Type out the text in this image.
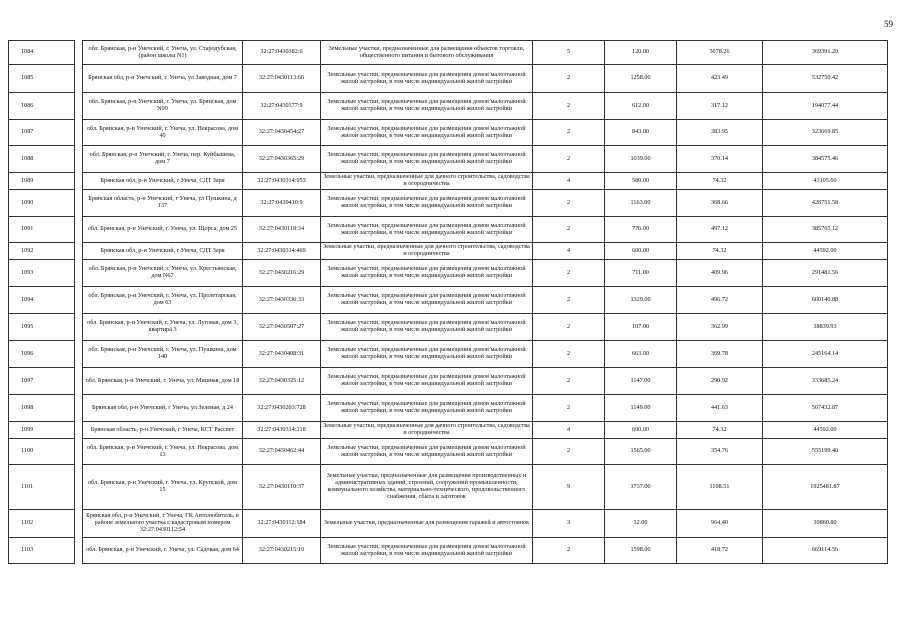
59
1084		обл. Брянская, р-н Унечский, г. Унеча, ул. Стародубская, (район школы N1)	32:27:0430382:6	Земельные участки, предназначенные для размещения объектов торговли, общественного питания и бытового обслуживания	5	120.00	3078.26	369391.20
1085		Брянская обл, р-н Унечский, г. Унеча, ул Заводная, дом 7	32:27:0430113:66	Земельные участки, предназначенные для размещения домов малоэтажной жилой застройки, в том числе индивидуальной жилой застройки	2	1258.00	423.49	532750.42
1086		обл. Брянская, р-н Унечский, г. Унеча, ул. Брянская, дом N99	32:27:0430377:9	Земельные участки, предназначенные для размещения домов малоэтажной жилой застройки, в том числе индивидуальной жилой застройки	2	612.00	317.12	194077.44
1087		обл. Брянская, р-н Унечский, г. Унеча, ул. Некрасова, дом 40	32:27:0430454:27	Земельные участки, предназначенные для размещения домов малоэтажной жилой застройки, в том числе индивидуальной жилой застройки	2	843.00	383.95	323669.85
1088		обл. Брянская, р-н Унечский, г. Унеча, пер. Куйбышева, дом 7	32:27:0430365:29	Земельные участки, предназначенные для размещения домов малоэтажной жилой застройки, в том числе индивидуальной жилой застройки	2	1039.00	370.14	384575.46
1089		Брянская обл, р-н Унечский, г Унеча, СДТ Заря	32:27:0430314:953	Земельные участки, предназначенные для дачного строительства, садоводства и огородничества	4	580.00	74.32	43105.60
1090		Брянская область, р-н Унечский, г Унеча, ул Пушкина, д 137	32:27:0430410:9	Земельные участки, предназначенные для размещения домов малоэтажной жилой застройки, в том числе индивидуальной жилой застройки	2	1163.00	368.66	428751.58
1091		обл. Брянская, р-н Унечский, г. Унеча, ул. Щорса, дом 25	32:27:0430118:34	Земельные участки, предназначенные для размещения домов малоэтажной жилой застройки, в том числе индивидуальной жилой застройки	2	776.00	497.12	385765.12
1092		Брянская обл, р-н Унечский, г Унеча, СДТ Заря	32:27:0430314:469	Земельные участки, предназначенные для дачного строительства, садоводства и огородничества	4	600.00	74.32	44592.00
1093		обл. Брянская, р-н Унечский, г. Унеча, ул. Крестьянская, дом N67	32:27:0430216:29	Земельные участки, предназначенные для размещения домов малоэтажной жилой застройки, в том числе индивидуальной жилой застройки	2	711.00	409.96	291481.56
1094		обл. Брянская, р-н Унечский, г. Унеча, ул. Пролетарская, дом 63	32:27:0430336:33	Земельные участки, предназначенные для размещения домов малоэтажной жилой застройки, в том числе индивидуальной жилой застройки	2	1329.00	496.72	660140.88
1095		обл. Брянская, р-н Унечский, г. Унеча, ул. Луговая, дом 3, квартира 3	32:27:0430507:27	Земельные участки, предназначенные для размещения домов малоэтажной жилой застройки, в том числе индивидуальной жилой застройки	2	107.00	362.99	38839.93
1096		обл. Брянская, р-н Унечский, г. Унеча, ул. Пушкина, дом 140	32:27:0430408:31	Земельные участки, предназначенные для размещения домов малоэтажной жилой застройки, в том числе индивидуальной жилой застройки	2	663.00	369.78	245164.14
1097		обл. Брянская, р-н Унечский, г. Унеча, ул. Мишная, дом 18	32:27:0430325:12	Земельные участки, предназначенные для размещения домов малоэтажной жилой застройки, в том числе индивидуальной жилой застройки	2	1147.00	290.92	333685.24
1098		Брянская обл, р-н Унечский, г Унеча, ул Зеленая, д 24	32:27:0430203:728	Земельные участки, предназначенные для размещения домов малоэтажной жилой застройки, в том числе индивидуальной жилой застройки	2	1149.00	441.63	507432.87
1099		Брянская область, р-н Унечский, г Унеча, КСТ Рассвет	32:27:0430314:218	Земельные участки, предназначенные для дачного строительства, садоводства и огородничества	4	600.00	74.32	44592.00
1100		обл. Брянская, р-н Унечский, г. Унеча, ул. Некрасова, дом 13	32:27:0430462:44	Земельные участки, предназначенные для размещения домов малоэтажной жилой застройки, в том числе индивидуальной жилой застройки	2	1565.00	354.76	555199.40
1101		обл. Брянская, р-н Унечский, г. Унеча, ул. Крупской, дом 15	32:27:0430110:37	Земельные участки, предназначенные для размещения производственных и административных зданий, строений, сооружений промышленности, коммунального хозяйства, материально-технического, продовольственного снабжения, сбыта и заготовок	9	1737.00	1108.51	1925481.87
1102		Брянская обл, р-н Унечский, г Унеча, ГК Автолюбитель, в районе земельного участка с кадастровым номером 32:27:0430112:54	32:27:0430112:184	Земельные участки, предназначенные для размещения гаражей и автостоянок	3	32.00	964.40	30860.80
1103		обл. Брянская, р-н Унечский, г. Унеча, ул. Садовая, дом 64	32:27:0430215:10	Земельные участки, предназначенные для размещения домов малоэтажной жилой застройки, в том числе индивидуальной жилой застройки	2	1598.00	418.72	669114.56
